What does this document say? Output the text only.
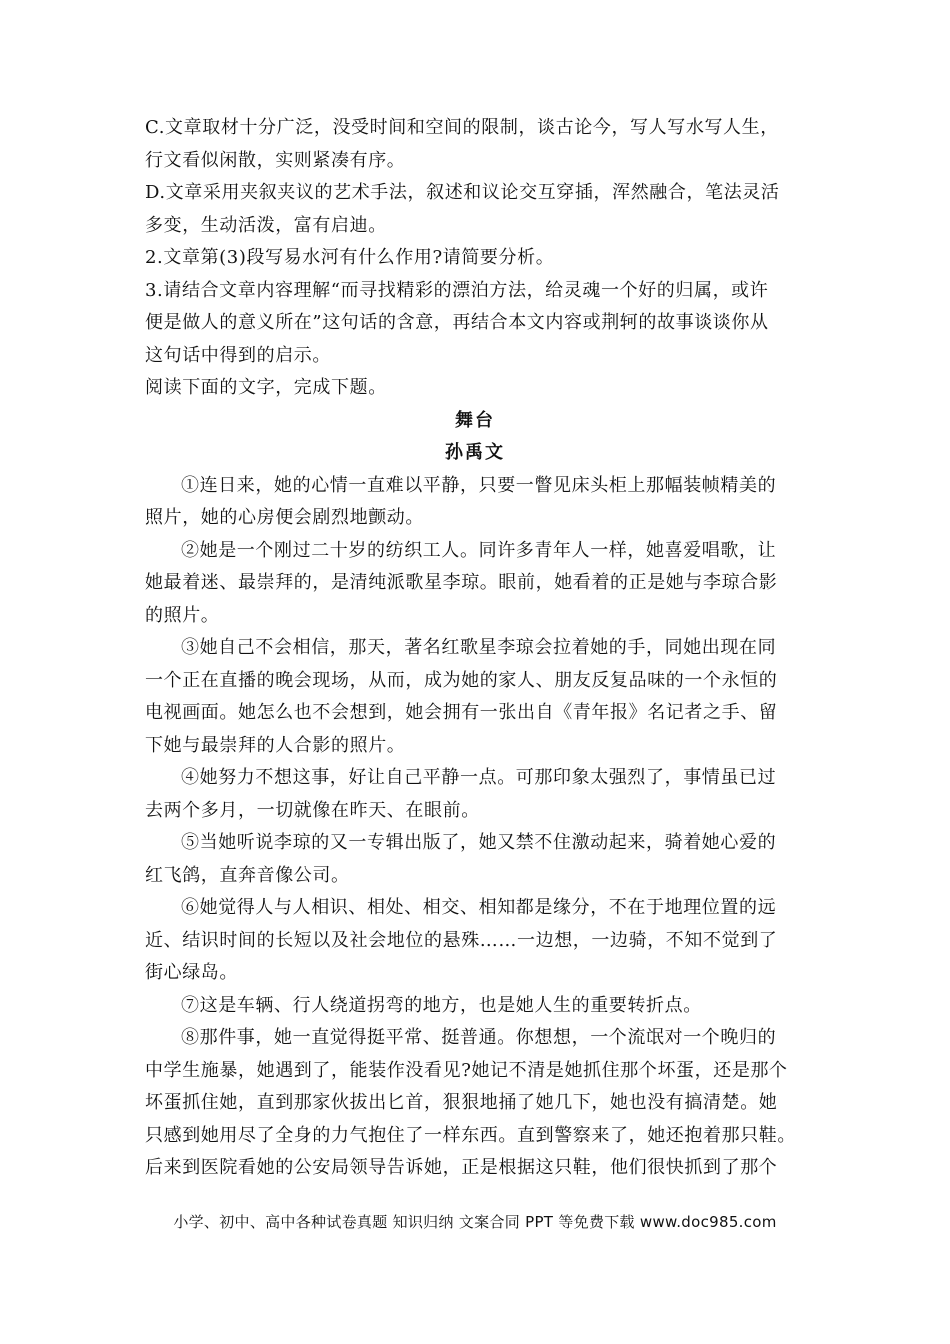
C.文章取材十分广泛，没受时间和空间的限制，谈古论今，写人写水写人生，
行文看似闲散，实则紧凑有序。
D.文章采用夹叙夹议的艺术手法，叙述和议论交互穿插，浑然融合，笔法灵活
多变，生动活泼，富有启迪。
2.文章第(3)段写易水河有什么作用?请简要分析。
3.请结合文章内容理解“而寻找精彩的漂泊方法，给灵魂一个好的归属，或许
便是做人的意义所在”这句话的含意，再结合本文内容或荆轲的故事谈谈你从
这句话中得到的启示。
阅读下面的文字，完成下题。
舞台
孙禹文
①连日来，她的心情一直难以平静，只要一瞥见床头柜上那幅装帧精美的
照片，她的心房便会剧烈地颤动。
②她是一个刚过二十岁的纺织工人。同许多青年人一样，她喜爱唱歌，让
她最着迷、最崇拜的，是清纯派歌星李琼。眼前，她看着的正是她与李琼合影
的照片。
③她自己不会相信，那天，著名红歌星李琼会拉着她的手，同她出现在同
一个正在直播的晚会现场，从而，成为她的家人、朋友反复品味的一个永恒的
电视画面。她怎么也不会想到，她会拥有一张出自《青年报》名记者之手、留
下她与最崇拜的人合影的照片。
④她努力不想这事，好让自己平静一点。可那印象太强烈了，事情虽已过
去两个多月，一切就像在昨天、在眼前。
⑤当她听说李琼的又一专辑出版了，她又禁不住激动起来，骑着她心爱的
红飞鸽，直奔音像公司。
⑥她觉得人与人相识、相处、相交、相知都是缘分，不在于地理位置的远
近、结识时间的长短以及社会地位的悬殊……一边想，一边骑，不知不觉到了
街心绿岛。
⑦这是车辆、行人绕道拐弯的地方，也是她人生的重要转折点。
⑧那件事，她一直觉得挺平常、挺普通。你想想，一个流氓对一个晚归的
中学生施暴，她遇到了，能装作没看见?她记不清是她抓住那个坏蛋，还是那个
坏蛋抓住她，直到那家伙拔出匕首，狠狠地捅了她几下，她也没有搞清楚。她
只感到她用尽了全身的力气抱住了一样东西。直到警察来了，她还抱着那只鞋。
后来到医院看她的公安局领导告诉她，正是根据这只鞋，他们很快抓到了那个
小学、初中、高中各种试卷真题 知识归纳 文案合同 PPT 等免费下载 www.doc985.com
